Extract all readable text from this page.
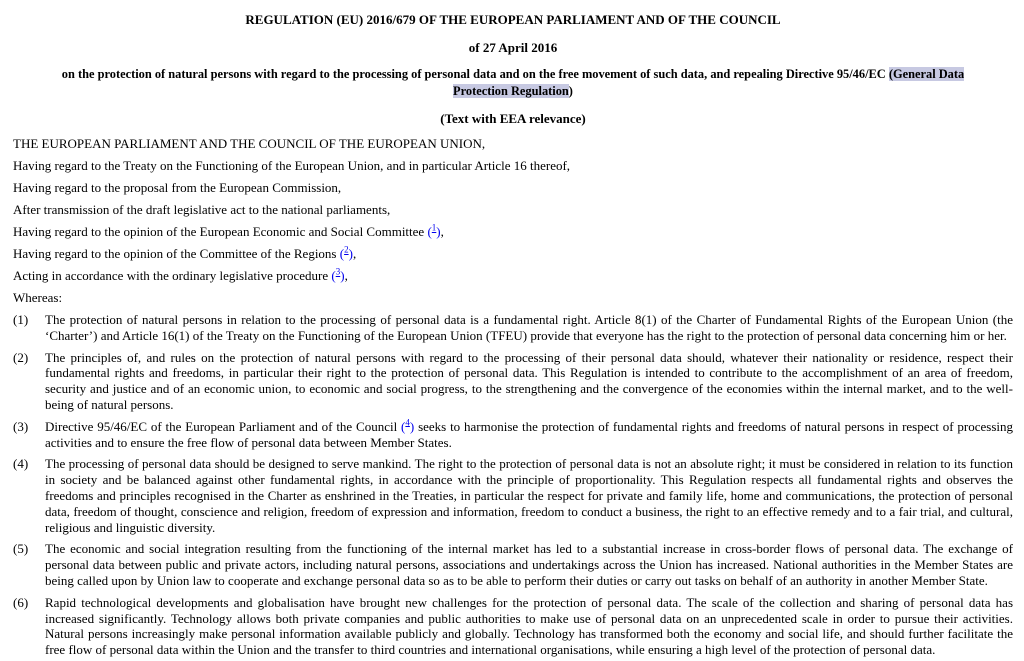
REGULATION (EU) 2016/679 OF THE EUROPEAN PARLIAMENT AND OF THE COUNCIL

of 27 April 2016

on the protection of natural persons with regard to the processing of personal data and on the free movement of such data, and repealing Directive 95/46/EC (General Data
Protection Regulation)

(Text with EEA relevance)

THE EUROPEAN PARLIAMENT AND THE COUNCIL OF THE EUROPEAN UNION,

Having regard to the Treaty on the Functioning of the European Union, and in particular Article 16 thereof,

Having regard to the proposal from the European Commission,

After transmission of the draft legislative act to the national parliaments,

Having regard to the opinion of the European Economic and Social Committee ($^1$),

Having regard to the opinion of the Committee of the Regions ($^2$),

Acting in accordance with the ordinary legislative procedure ($^3$),

Whereas:

(1)	The protection of natural persons in relation to the processing of personal data is a fundamental right. Article 8(1) of the Charter of Fundamental Rights of the European Union (the ‘Charter’) and Article 16(1) of the Treaty on the Functioning of the European Union (TFEU) provide that everyone has the right to the protection of personal data concerning him or her.
(2)	The principles of, and rules on the protection of natural persons with regard to the processing of their personal data should, whatever their nationality or residence, respect their fundamental rights and freedoms, in particular their right to the protection of personal data. This Regulation is intended to contribute to the accomplishment of an area of freedom, security and justice and of an economic union, to economic and social progress, to the strengthening and the convergence of the economies within the internal market, and to the well-being of natural persons.
(3)	Directive 95/46/EC of the European Parliament and of the Council ($^4$) seeks to harmonise the protection of fundamental rights and freedoms of natural persons in respect of processing activities and to ensure the free flow of personal data between Member States.
(4)	The processing of personal data should be designed to serve mankind. The right to the protection of personal data is not an absolute right; it must be considered in relation to its function in society and be balanced against other fundamental rights, in accordance with the principle of proportionality. This Regulation respects all fundamental rights and observes the freedoms and principles recognised in the Charter as enshrined in the Treaties, in particular the respect for private and family life, home and communications, the protection of personal data, freedom of thought, conscience and religion, freedom of expression and information, freedom to conduct a business, the right to an effective remedy and to a fair trial, and cultural, religious and linguistic diversity.
(5)	The economic and social integration resulting from the functioning of the internal market has led to a substantial increase in cross-border flows of personal data. The exchange of personal data between public and private actors, including natural persons, associations and undertakings across the Union has increased. National authorities in the Member States are being called upon by Union law to cooperate and exchange personal data so as to be able to perform their duties or carry out tasks on behalf of an authority in another Member State.
(6)	Rapid technological developments and globalisation have brought new challenges for the protection of personal data. The scale of the collection and sharing of personal data has increased significantly. Technology allows both private companies and public authorities to make use of personal data on an unprecedented scale in order to pursue their activities. Natural persons increasingly make personal information available publicly and globally. Technology has transformed both the economy and social life, and should further facilitate the free flow of personal data within the Union and the transfer to third countries and international organisations, while ensuring a high level of the protection of personal data.
